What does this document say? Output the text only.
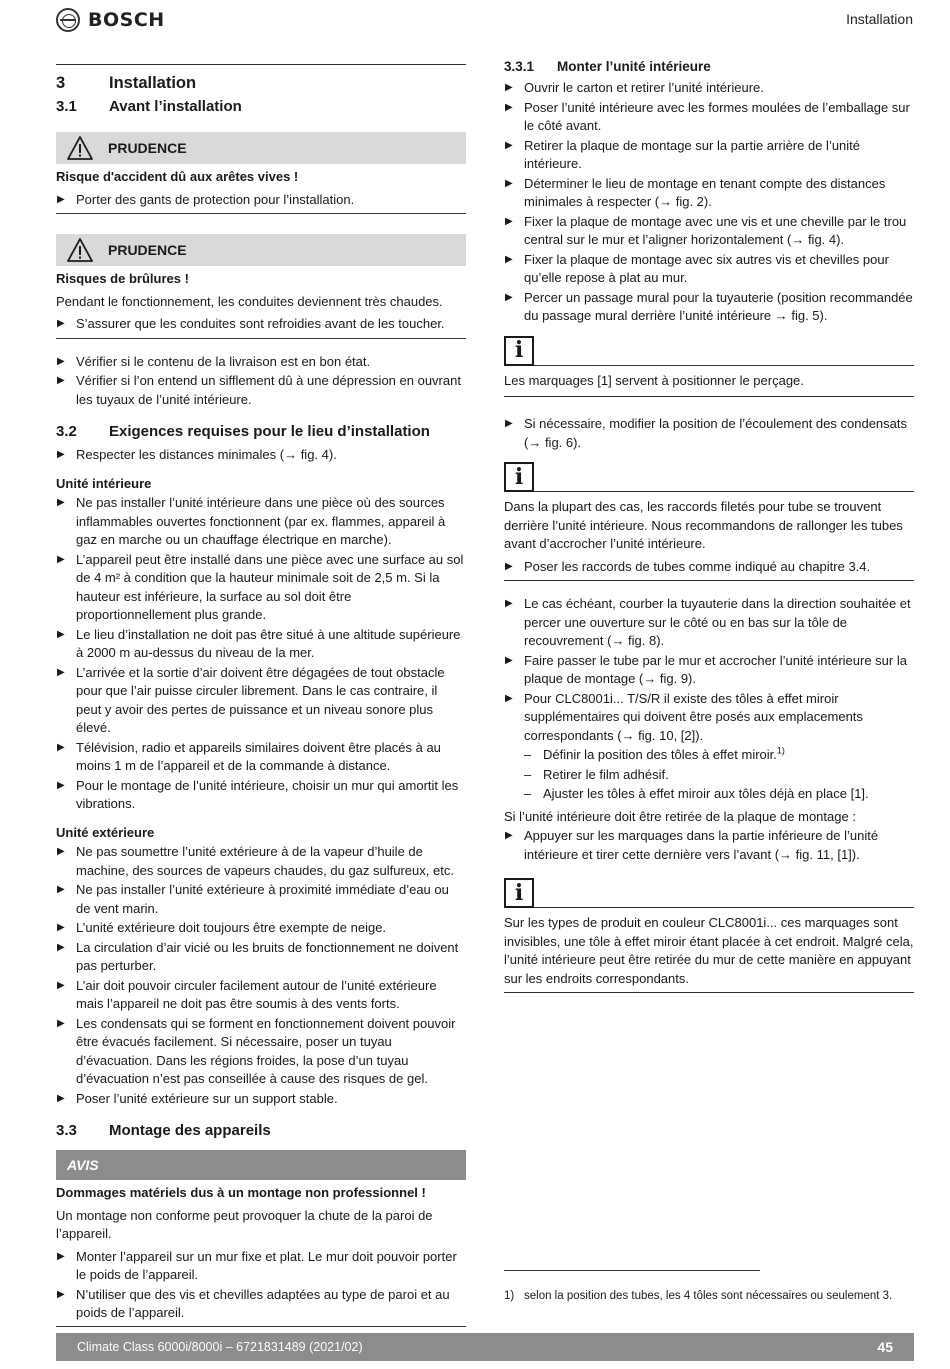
BOSCH	Installation
3	Installation
3.1	Avant l’installation
PRUDENCE
Risque d'accident dû aux arêtes vives !
▶ Porter des gants de protection pour l’installation.
PRUDENCE
Risques de brûlures !

Pendant le fonctionnement, les conduites deviennent très chaudes.

▶ S’assurer que les conduites sont refroidies avant de les toucher.
▶ Vérifier si le contenu de la livraison est en bon état.
▶ Vérifier si l’on entend un sifflement dû à une dépression en ouvrant les tuyaux de l’unité intérieure.
3.2	Exigences requises pour le lieu d’installation
▶ Respecter les distances minimales (→ fig. 4).
Unité intérieure
▶ Ne pas installer l’unité intérieure dans une pièce où des sources inflammables ouvertes fonctionnent (par ex. flammes, appareil à gaz en marche ou un chauffage électrique en marche).
▶ L’appareil peut être installé dans une pièce avec une surface au sol de 4 m² à condition que la hauteur minimale soit de 2,5 m. Si la hauteur est inférieure, la surface au sol doit être proportionnellement plus grande.
▶ Le lieu d’installation ne doit pas être situé à une altitude supérieure à 2000 m au-dessus du niveau de la mer.
▶ L’arrivée et la sortie d’air doivent être dégagées de tout obstacle pour que l’air puisse circuler librement. Dans le cas contraire, il peut y avoir des pertes de puissance et un niveau sonore plus élevé.
▶ Télévision, radio et appareils similaires doivent être placés à au moins 1 m de l’appareil et de la commande à distance.
▶ Pour le montage de l’unité intérieure, choisir un mur qui amortit les vibrations.
Unité extérieure
▶ Ne pas soumettre l’unité extérieure à de la vapeur d’huile de machine, des sources de vapeurs chaudes, du gaz sulfureux, etc.
▶ Ne pas installer l’unité extérieure à proximité immédiate d’eau ou de vent marin.
▶ L’unité extérieure doit toujours être exempte de neige.
▶ La circulation d’air vicié ou les bruits de fonctionnement ne doivent pas perturber.
▶ L’air doit pouvoir circuler facilement autour de l’unité extérieure mais l’appareil ne doit pas être soumis à des vents forts.
▶ Les condensats qui se forment en fonctionnement doivent pouvoir être évacués facilement. Si nécessaire, poser un tuyau d’évacuation. Dans les régions froides, la pose d’un tuyau d’évacuation n’est pas conseillée à cause des risques de gel.
▶ Poser l’unité extérieure sur un support stable.
3.3	Montage des appareils
AVIS
Dommages matériels dus à un montage non professionnel !

Un montage non conforme peut provoquer la chute de la paroi de l’appareil.

▶ Monter l’appareil sur un mur fixe et plat. Le mur doit pouvoir porter le poids de l’appareil.
▶ N’utiliser que des vis et chevilles adaptées au type de paroi et au poids de l’appareil.
3.3.1	Monter l’unité intérieure
▶ Ouvrir le carton et retirer l’unité intérieure.
▶ Poser l’unité intérieure avec les formes moulées de l’emballage sur le côté avant.
▶ Retirer la plaque de montage sur la partie arrière de l’unité intérieure.
▶ Déterminer le lieu de montage en tenant compte des distances minimales à respecter (→ fig. 2).
▶ Fixer la plaque de montage avec une vis et une cheville par le trou central sur le mur et l’aligner horizontalement (→ fig. 4).
▶ Fixer la plaque de montage avec six autres vis et chevilles pour qu’elle repose à plat au mur.
▶ Percer un passage mural pour la tuyauterie (position recommandée du passage mural derrière l’unité intérieure → fig. 5).
i

Les marquages [1] servent à positionner le perçage.

▶ Si nécessaire, modifier la position de l’écoulement des condensats (→ fig. 6).
i

Dans la plupart des cas, les raccords filetés pour tube se trouvent derrière l’unité intérieure. Nous recommandons de rallonger les tubes avant d’accrocher l’unité intérieure.

▶ Poser les raccords de tubes comme indiqué au chapitre 3.4.
▶ Le cas échéant, courber la tuyauterie dans la direction souhaitée et percer une ouverture sur le côté ou en bas sur la tôle de recouvrement (→ fig. 8).
▶ Faire passer le tube par le mur et accrocher l’unité intérieure sur la plaque de montage (→ fig. 9).
▶ Pour CLC8001i... T/S/R il existe des tôles à effet miroir supplémentaires qui doivent être posés aux emplacements correspondants (→ fig. 10, [2]).
– Définir la position des tôles à effet miroir.$^{1)}$
– Retirer le film adhésif.
– Ajuster les tôles à effet miroir aux tôles déjà en place [1].

Si l’unité intérieure doit être retirée de la plaque de montage :

▶ Appuyer sur les marquages dans la partie inférieure de l’unité intérieure et tirer cette dernière vers l’avant (→ fig. 11, [1]).
i

Sur les types de produit en couleur CLC8001i... ces marquages sont invisibles, une tôle à effet miroir étant placée à cet endroit. Malgré cela, l’unité intérieure peut être retirée du mur de cette manière en appuyant sur les endroits correspondants.

1) selon la position des tubes, les 4 tôles sont nécessaires ou seulement 3.
Climate Class 6000i/8000i – 6721831489 (2021/02)	45
